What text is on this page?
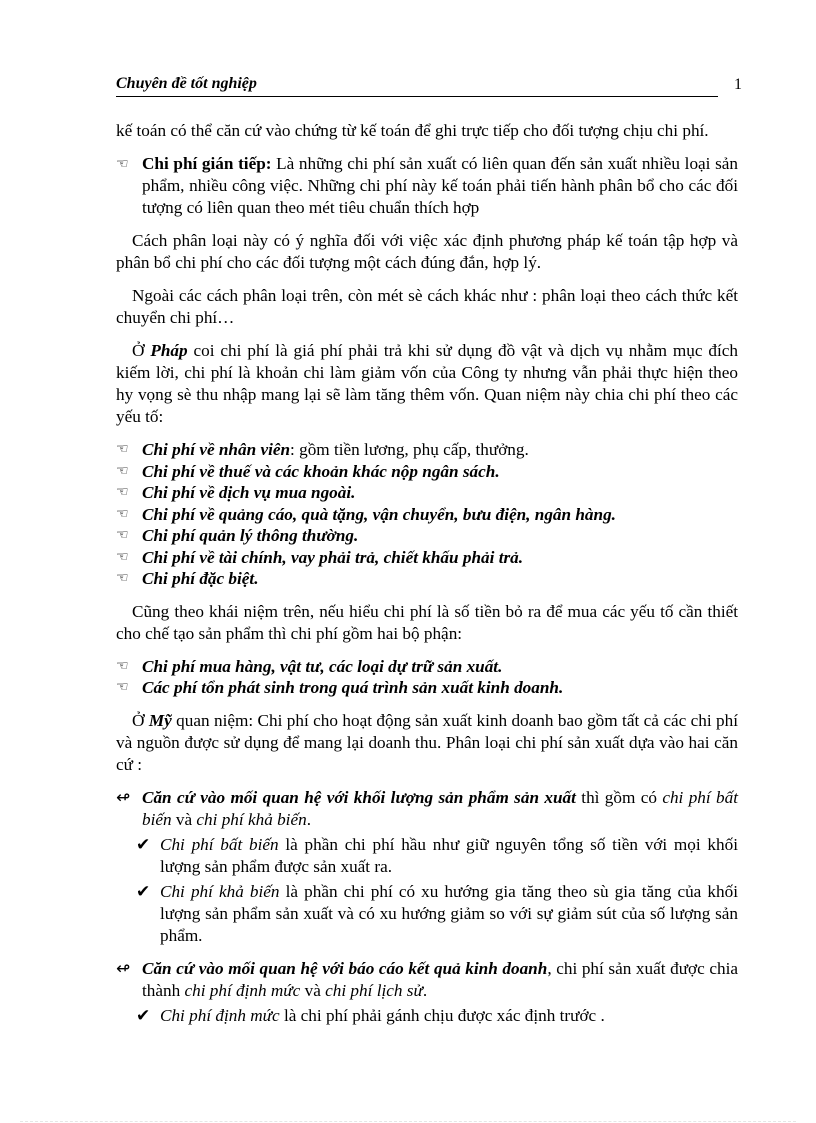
Chuyên đề tốt nghiệp	1

kế toán có thể căn cứ vào chứng từ kế toán để ghi trực tiếp cho đối tượng chịu chi phí.

☜ Chi phí gián tiếp: Là những chi phí sản xuất có liên quan đến sản xuất nhiều loại sản phẩm, nhiều công việc. Những chi phí này kế toán phải tiến hành phân bổ cho các đối tượng có liên quan theo mét tiêu chuẩn thích hợp

Cách phân loại này có ý nghĩa đối với việc xác định phương pháp kế toán tập hợp và phân bổ chi phí cho các đối tượng một cách đúng đắn, hợp lý.

Ngoài các cách phân loại trên, còn mét sè cách khác như : phân loại theo cách thức kết chuyển chi phí…

Ở Pháp coi chi phí là giá phí phải trả khi sử dụng đồ vật và dịch vụ nhằm mục đích kiếm lời, chi phí là khoản chi làm giảm vốn của Công ty nhưng vẫn phải thực hiện theo hy vọng sè thu nhập mang lại sẽ làm tăng thêm vốn. Quan niệm này chia chi phí theo các yếu tố:

☜ Chi phí về nhân viên: gồm tiền lương, phụ cấp, thưởng.
☜ Chi phí về thuế và các khoản khác nộp ngân sách.
☜ Chi phí về dịch vụ mua ngoài.
☜ Chi phí về quảng cáo, quà tặng, vận chuyển, bưu điện, ngân hàng.
☜ Chi phí quản lý thông thường.
☜ Chi phí về tài chính, vay phải trả, chiết khấu phải trả.
☜ Chi phí đặc biệt.

Cũng theo khái niệm trên, nếu hiểu chi phí là số tiền bỏ ra để mua các yếu tố cần thiết cho chế tạo sản phẩm thì chi phí gồm hai bộ phận:

☜ Chi phí mua hàng, vật tư, các loại dự trữ sản xuất.
☜ Các phí tổn phát sinh trong quá trình sản xuất kinh doanh.

Ở Mỹ quan niệm: Chi phí cho hoạt động sản xuất kinh doanh bao gồm tất cả các chi phí và nguồn được sử dụng để mang lại doanh thu. Phân loại chi phí sản xuất dựa vào hai căn cứ :

↫ Căn cứ vào mối quan hệ với khối lượng sản phẩm sản xuất thì gồm có chi phí bất biến và chi phí khả biến.
✔ Chi phí bất biến là phần chi phí hầu như giữ nguyên tổng số tiền với mọi khối lượng sản phẩm được sản xuất ra.
✔ Chi phí khả biến là phần chi phí có xu hướng gia tăng theo sù gia tăng của khối lượng sản phẩm sản xuất và có xu hướng giảm so với sự giảm sút của số lượng sản phẩm.
↫ Căn cứ vào mối quan hệ với báo cáo kết quả kinh doanh, chi phí sản xuất được chia thành chi phí định mức và chi phí lịch sử.
✔ Chi phí định mức là chi phí phải gánh chịu được xác định trước .
